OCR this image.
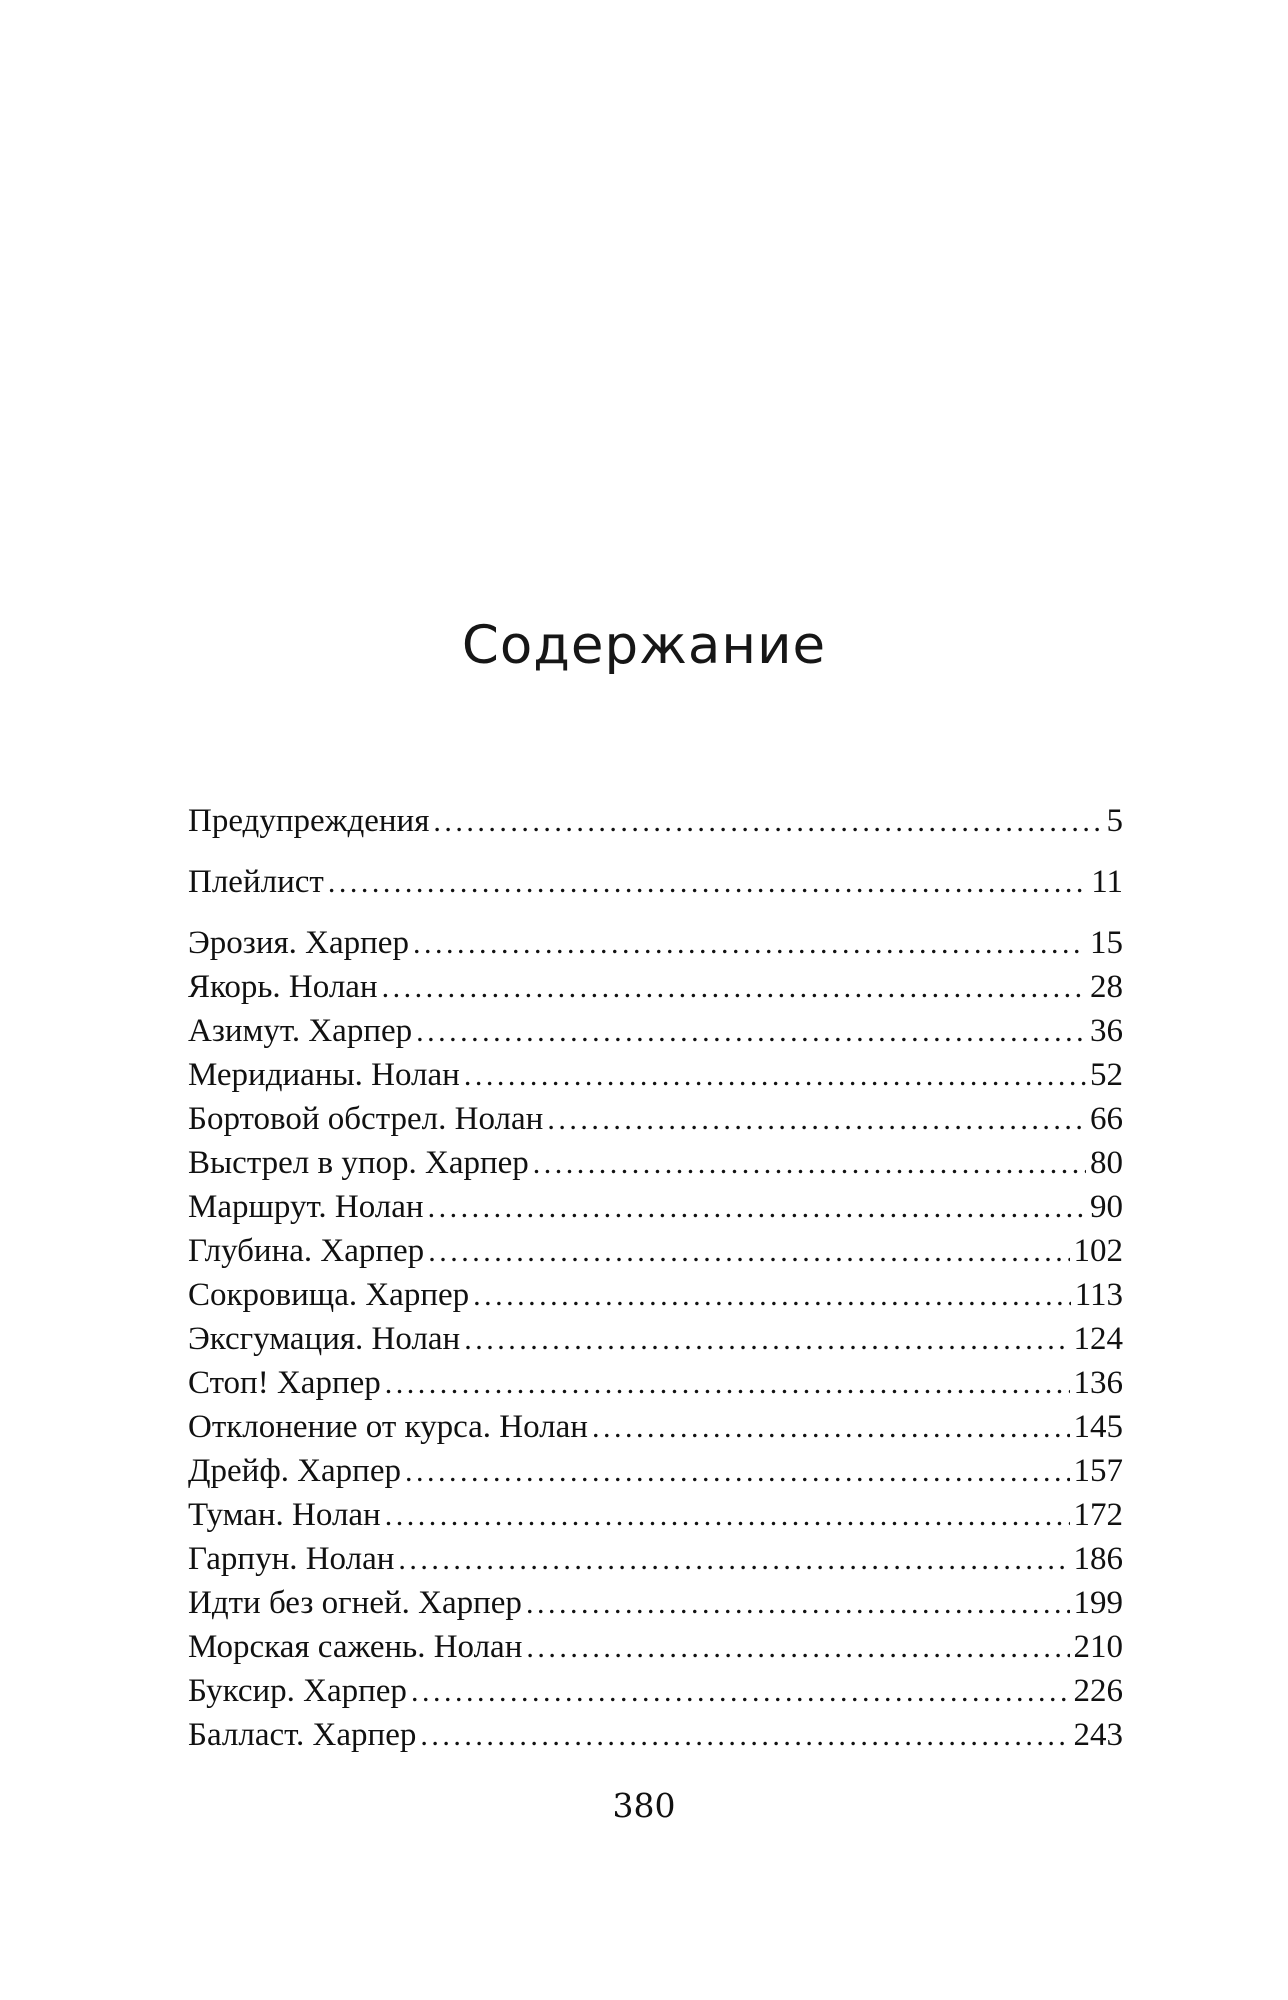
Содержание
Предупреждения . . .	5
Плейлист . . .	11
Эрозия. Харпер . . .	15
Якорь. Нолан . . .	28
Азимут. Харпер . . .	36
Меридианы. Нолан . . .	52
Бортовой обстрел. Нолан . . .	66
Выстрел в упор. Харпер . . .	80
Маршрут. Нолан . . .	90
Глубина. Харпер . . .	102
Сокровища. Харпер . . .	113
Эксгумация. Нолан . . .	124
Стоп! Харпер . . .	136
Отклонение от курса. Нолан . . .	145
Дрейф. Харпер . . .	157
Туман. Нолан . . .	172
Гарпун. Нолан . . .	186
Идти без огней. Харпер . . .	199
Морская сажень. Нолан . . .	210
Буксир. Харпер . . .	226
Балласт. Харпер . . .	243
380
